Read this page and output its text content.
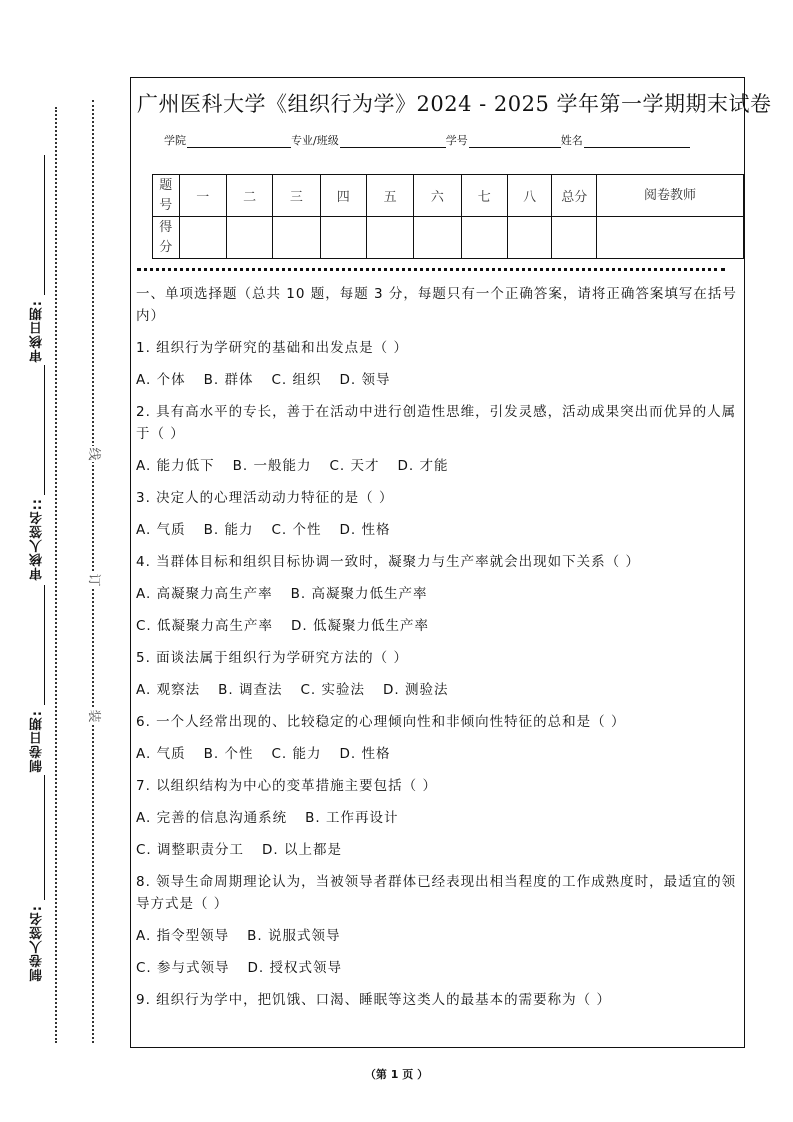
审核日期:
审核人签名::
制卷日期:
制卷人签名:
线
订
装
广州医科大学《组织行为学》2024 - 2025 学年第一学期期末试卷
学院	专业/班级	学号	姓名
题号	一	二	三	四	五	六	七	八	总分	阅卷教师
得分										

一、单项选择题（总共 10 题，每题 3 分，每题只有一个正确答案，请将正确答案填写在括号内）

1. 组织行为学研究的基础和出发点是（ ）

A. 个体 B. 群体 C. 组织 D. 领导

2. 具有高水平的专长，善于在活动中进行创造性思维，引发灵感，活动成果突出而优异的人属于（ ）

A. 能力低下 B. 一般能力 C. 天才 D. 才能

3. 决定人的心理活动动力特征的是（ ）

A. 气质 B. 能力 C. 个性 D. 性格

4. 当群体目标和组织目标协调一致时，凝聚力与生产率就会出现如下关系（ ）

A. 高凝聚力高生产率 B. 高凝聚力低生产率

C. 低凝聚力高生产率 D. 低凝聚力低生产率

5. 面谈法属于组织行为学研究方法的（ ）

A. 观察法 B. 调查法 C. 实验法 D. 测验法

6. 一个人经常出现的、比较稳定的心理倾向性和非倾向性特征的总和是（ ）

A. 气质 B. 个性 C. 能力 D. 性格

7. 以组织结构为中心的变革措施主要包括（ ）

A. 完善的信息沟通系统 B. 工作再设计

C. 调整职责分工 D. 以上都是

8. 领导生命周期理论认为，当被领导者群体已经表现出相当程度的工作成熟度时，最适宜的领导方式是（ ）

A. 指令型领导 B. 说服式领导

C. 参与式领导 D. 授权式领导

9. 组织行为学中，把饥饿、口渴、睡眠等这类人的最基本的需要称为（ ）

（第 1 页 ）
